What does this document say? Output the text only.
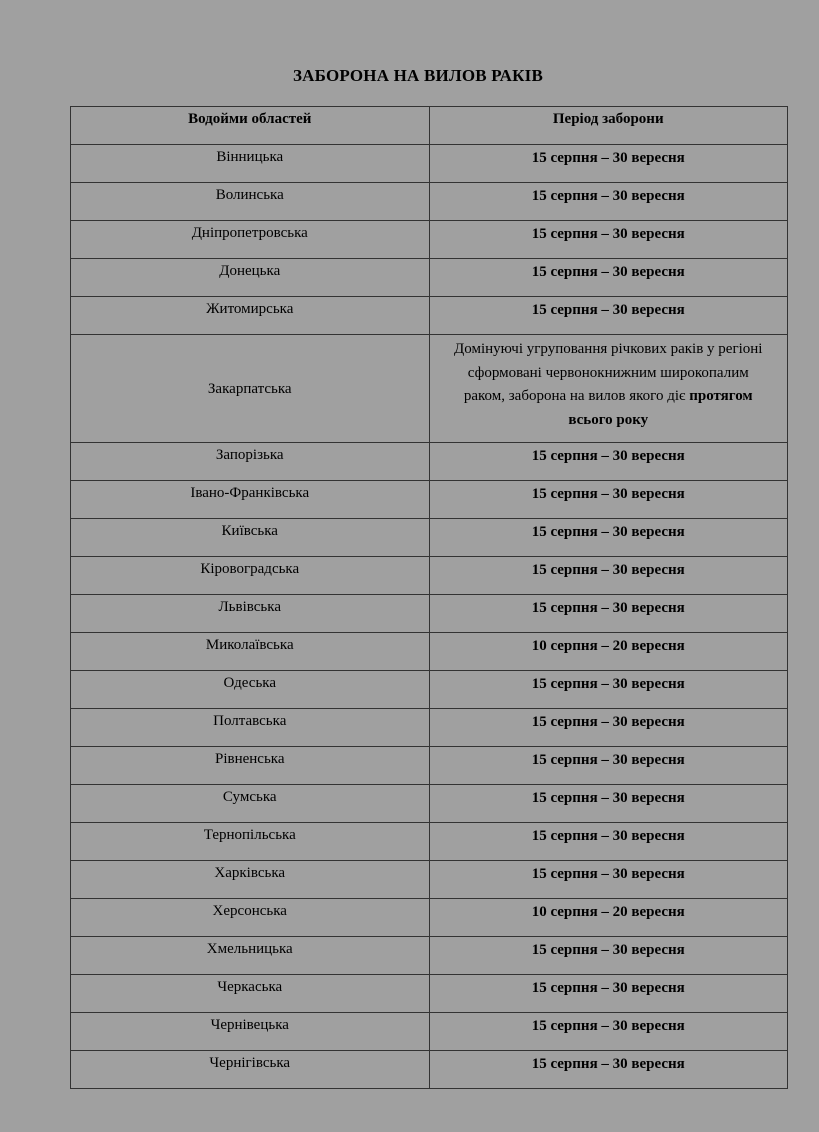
ЗАБОРОНА НА ВИЛОВ РАКІВ
Водойми областей	Період заборони
Вінницька	15 серпня – 30 вересня
Волинська	15 серпня – 30 вересня
Дніпропетровська	15 серпня – 30 вересня
Донецька	15 серпня – 30 вересня
Житомирська	15 серпня – 30 вересня
Закарпатська	Домінуючі угруповання річкових раків у регіоні сформовані червонокнижним широкопалим раком, заборона на вилов якого діє протягом всього року
Запорізька	15 серпня – 30 вересня
Івано-Франківська	15 серпня – 30 вересня
Київська	15 серпня – 30 вересня
Кіровоградська	15 серпня – 30 вересня
Львівська	15 серпня – 30 вересня
Миколаївська	10 серпня – 20 вересня
Одеська	15 серпня – 30 вересня
Полтавська	15 серпня – 30 вересня
Рівненська	15 серпня – 30 вересня
Сумська	15 серпня – 30 вересня
Тернопільська	15 серпня – 30 вересня
Харківська	15 серпня – 30 вересня
Херсонська	10 серпня – 20 вересня
Хмельницька	15 серпня – 30 вересня
Черкаська	15 серпня – 30 вересня
Чернівецька	15 серпня – 30 вересня
Чернігівська	15 серпня – 30 вересня
